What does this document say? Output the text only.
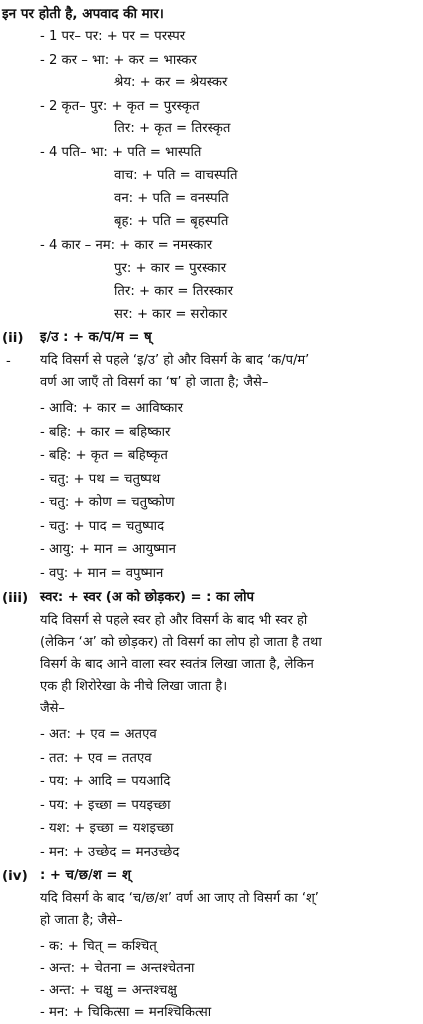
इन पर होती है, अपवाद की मार।
- 1 पर– पर: + पर = परस्पर
- 2 कर – भा: + कर = भास्कर
श्रेय: + कर = श्रेयस्कर
- 2 कृत– पुर: + कृत = पुरस्कृत
तिर: + कृत = तिरस्कृत
- 4 पति– भा: + पति = भास्पति
वाच: + पति = वाचस्पति
वन: + पति = वनस्पति
बृह: + पति = बृहस्पति
- 4 कार – नम: + कार = नमस्कार
पुर: + कार = पुरस्कार
तिर: + कार = तिरस्कार
सर: + कार = सरोकार
(ii) इ/उ : + क/प/म = ष्
- यदि विसर्ग से पहले ‘इ/उ’ हो और विसर्ग के बाद ‘क/प/म’
वर्ण आ जाएँ तो विसर्ग का ‘ष’ हो जाता है; जैसे–
- आवि: + कार = आविष्कार
- बहि: + कार = बहिष्कार
- बहि: + कृत = बहिष्कृत
- चतु: + पथ = चतुष्पथ
- चतु: + कोण = चतुष्कोण
- चतु: + पाद = चतुष्पाद
- आयु: + मान = आयुष्मान
- वपु: + मान = वपुष्मान
(iii) स्वर: + स्वर (अ को छोड़कर) = : का लोप
यदि विसर्ग से पहले स्वर हो और विसर्ग के बाद भी स्वर हो
(लेकिन ‘अ’ को छोड़कर) तो विसर्ग का लोप हो जाता है तथा
विसर्ग के बाद आने वाला स्वर स्वतंत्र लिखा जाता है, लेकिन
एक ही शिरोरेखा के नीचे लिखा जाता है।
जैसे–
- अत: + एव = अतएव
- तत: + एव = ततएव
- पय: + आदि = पयआदि
- पय: + इच्छा = पयइच्छा
- यश: + इच्छा = यशइच्छा
- मन: + उच्छेद = मनउच्छेद
(iv) : + च/छ/श = श्
यदि विसर्ग के बाद ‘च/छ/श’ वर्ण आ जाए तो विसर्ग का ‘श्’
हो जाता है; जैसे–
- क: + चित् = कश्चित्
- अन्त: + चेतना = अन्तश्चेतना
- अन्त: + चक्षु = अन्तश्चक्षु
- मन: + चिकित्सा = मनश्चिकित्सा
